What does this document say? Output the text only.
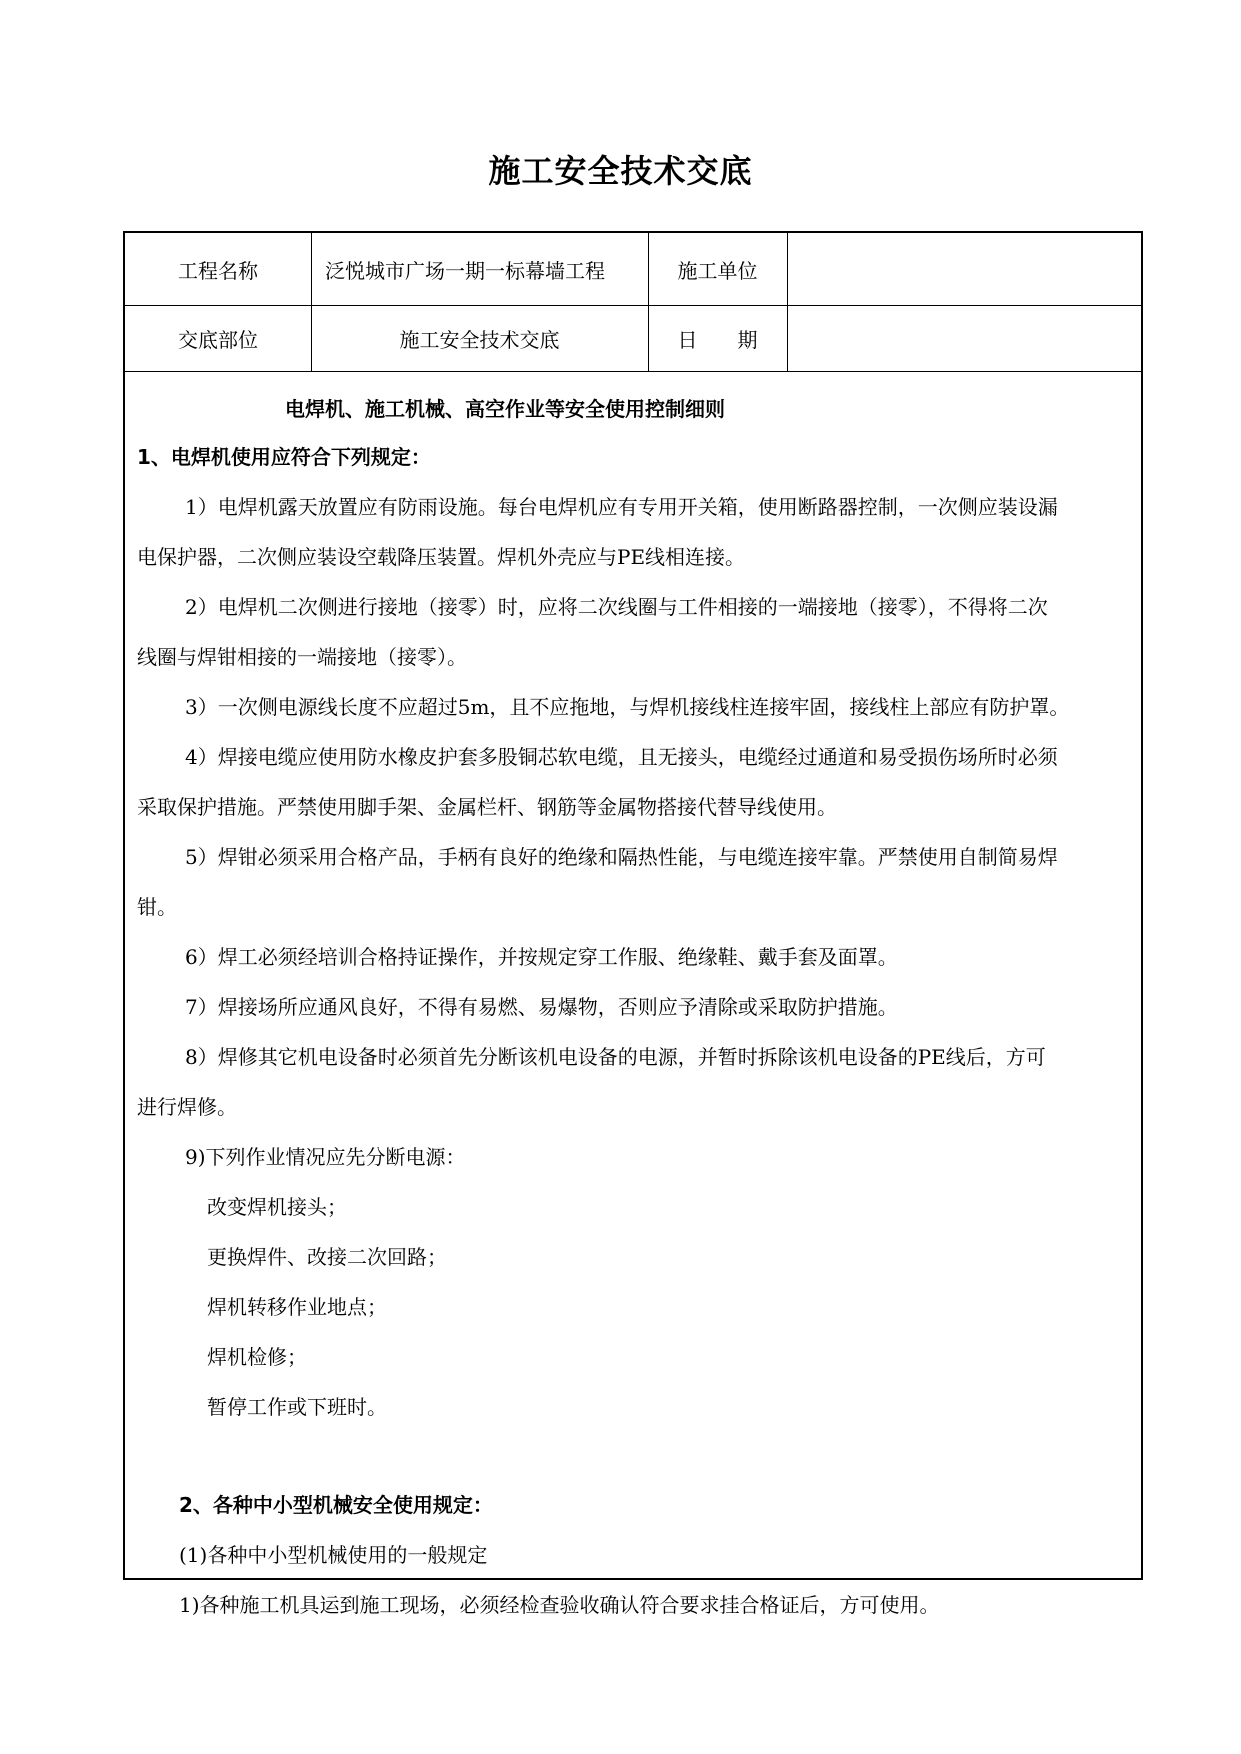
施工安全技术交底
工程名称	泛悦城市广场一期一标幕墙工程	施工单位
交底部位	施工安全技术交底	日　　期
电焊机、施工机械、高空作业等安全使用控制细则
1、电焊机使用应符合下列规定：
1）电焊机露天放置应有防雨设施。每台电焊机应有专用开关箱，使用断路器控制，一次侧应装设漏
电保护器，二次侧应装设空载降压装置。焊机外壳应与PE线相连接。
2）电焊机二次侧进行接地（接零）时，应将二次线圈与工件相接的一端接地（接零），不得将二次
线圈与焊钳相接的一端接地（接零）。
3）一次侧电源线长度不应超过5m，且不应拖地，与焊机接线柱连接牢固，接线柱上部应有防护罩。
4）焊接电缆应使用防水橡皮护套多股铜芯软电缆，且无接头，电缆经过通道和易受损伤场所时必须
采取保护措施。严禁使用脚手架、金属栏杆、钢筋等金属物搭接代替导线使用。
5）焊钳必须采用合格产品，手柄有良好的绝缘和隔热性能，与电缆连接牢靠。严禁使用自制简易焊
钳。
6）焊工必须经培训合格持证操作，并按规定穿工作服、绝缘鞋、戴手套及面罩。
7）焊接场所应通风良好，不得有易燃、易爆物，否则应予清除或采取防护措施。
8）焊修其它机电设备时必须首先分断该机电设备的电源，并暂时拆除该机电设备的PE线后，方可
进行焊修。
9)下列作业情况应先分断电源：
改变焊机接头；
更换焊件、改接二次回路；
焊机转移作业地点；
焊机检修；
暂停工作或下班时。
2、各种中小型机械安全使用规定：
(1)各种中小型机械使用的一般规定
1)各种施工机具运到施工现场，必须经检查验收确认符合要求挂合格证后，方可使用。
